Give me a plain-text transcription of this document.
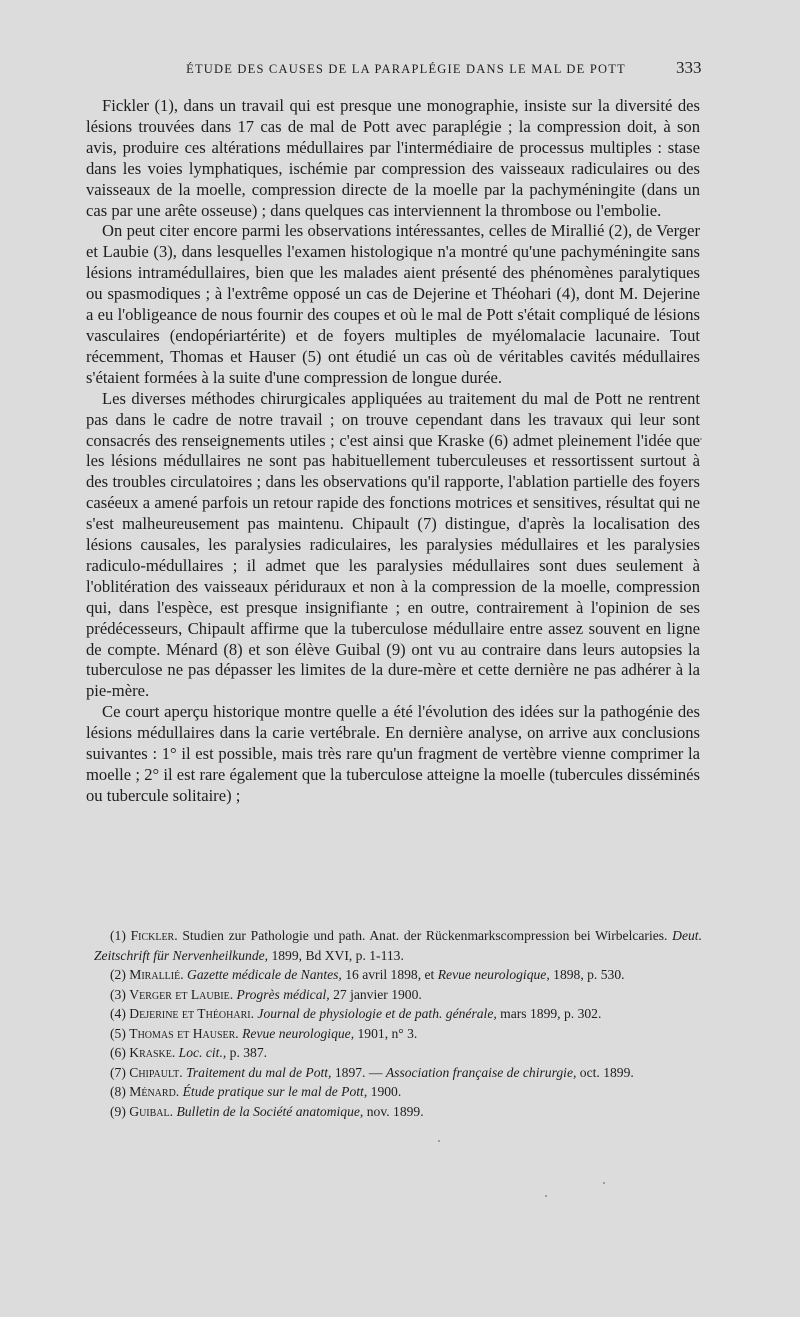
ÉTUDE DES CAUSES DE LA PARAPLÉGIE DANS LE MAL DE POTT	333

Fickler (1), dans un travail qui est presque une monographie, insiste sur la diversité des lésions trouvées dans 17 cas de mal de Pott avec paraplégie ; la compression doit, à son avis, produire ces altérations médullaires par l'intermédiaire de processus multiples : stase dans les voies lymphatiques, ischémie par compression des vaisseaux radiculaires ou des vaisseaux de la moelle, compression directe de la moelle par la pachyméningite (dans un cas par une arête osseuse) ; dans quelques cas interviennent la thrombose ou l'embolie.

On peut citer encore parmi les observations intéressantes, celles de Mirallié (2), de Verger et Laubie (3), dans lesquelles l'examen histologique n'a montré qu'une pachyméningite sans lésions intramédullaires, bien que les malades aient présenté des phénomènes paralytiques ou spasmodiques ; à l'extrême opposé un cas de Dejerine et Théohari (4), dont M. Dejerine a eu l'obligeance de nous fournir des coupes et où le mal de Pott s'était compliqué de lésions vasculaires (endopériartérite) et de foyers multiples de myélomalacie lacunaire. Tout récemment, Thomas et Hauser (5) ont étudié un cas où de véritables cavités médullaires s'étaient formées à la suite d'une compression de longue durée.

Les diverses méthodes chirurgicales appliquées au traitement du mal de Pott ne rentrent pas dans le cadre de notre travail ; on trouve cependant dans les travaux qui leur sont consacrés des renseignements utiles ; c'est ainsi que Kraske (6) admet pleinement l'idée que les lésions médullaires ne sont pas habituellement tuberculeuses et ressortissent surtout à des troubles circulatoires ; dans les observations qu'il rapporte, l'ablation partielle des foyers caséeux a amené parfois un retour rapide des fonctions motrices et sensitives, résultat qui ne s'est malheureusement pas maintenu. Chipault (7) distingue, d'après la localisation des lésions causales, les paralysies radiculaires, les paralysies médullaires et les paralysies radiculo-médullaires ; il admet que les paralysies médullaires sont dues seulement à l'oblitération des vaisseaux péridurauх et non à la compression de la moelle, compression qui, dans l'espèce, est presque insignifiante ; en outre, contrairement à l'opinion de ses prédécesseurs, Chipault affirme que la tuberculose médullaire entre assez souvent en ligne de compte. Ménard (8) et son élève Guibal (9) ont vu au contraire dans leurs autopsies la tuberculose ne pas dépasser les limites de la dure-mère et cette dernière ne pas adhérer à la pie-mère.

Ce court aperçu historique montre quelle a été l'évolution des idées sur la pathogénie des lésions médullaires dans la carie vertébrale. En dernière analyse, on arrive aux conclusions suivantes : 1° il est possible, mais très rare qu'un fragment de vertèbre vienne comprimer la moelle ; 2° il est rare également que la tuberculose atteigne la moelle (tubercules disséminés ou tubercule solitaire) ;

(1) Fickler. Studien zur Pathologie und path. Anat. der Rückenmarkscompression bei Wirbelcaries. Deut. Zeitschrift für Nervenheilkunde, 1899, Bd XVI, p. 1-113.

(2) Mirallié. Gazette médicale de Nantes, 16 avril 1898, et Revue neurologique, 1898, p. 530.

(3) Verger et Laubie. Progrès médical, 27 janvier 1900.

(4) Dejerine et Théohari. Journal de physiologie et de path. générale, mars 1899, p. 302.

(5) Thomas et Hauser. Revue neurologique, 1901, n° 3.

(6) Kraske. Loc. cit., p. 387.

(7) Chipault. Traitement du mal de Pott, 1897. — Association française de chirurgie, oct. 1899.

(8) Ménard. Étude pratique sur le mal de Pott, 1900.

(9) Guibal. Bulletin de la Société anatomique, nov. 1899.
